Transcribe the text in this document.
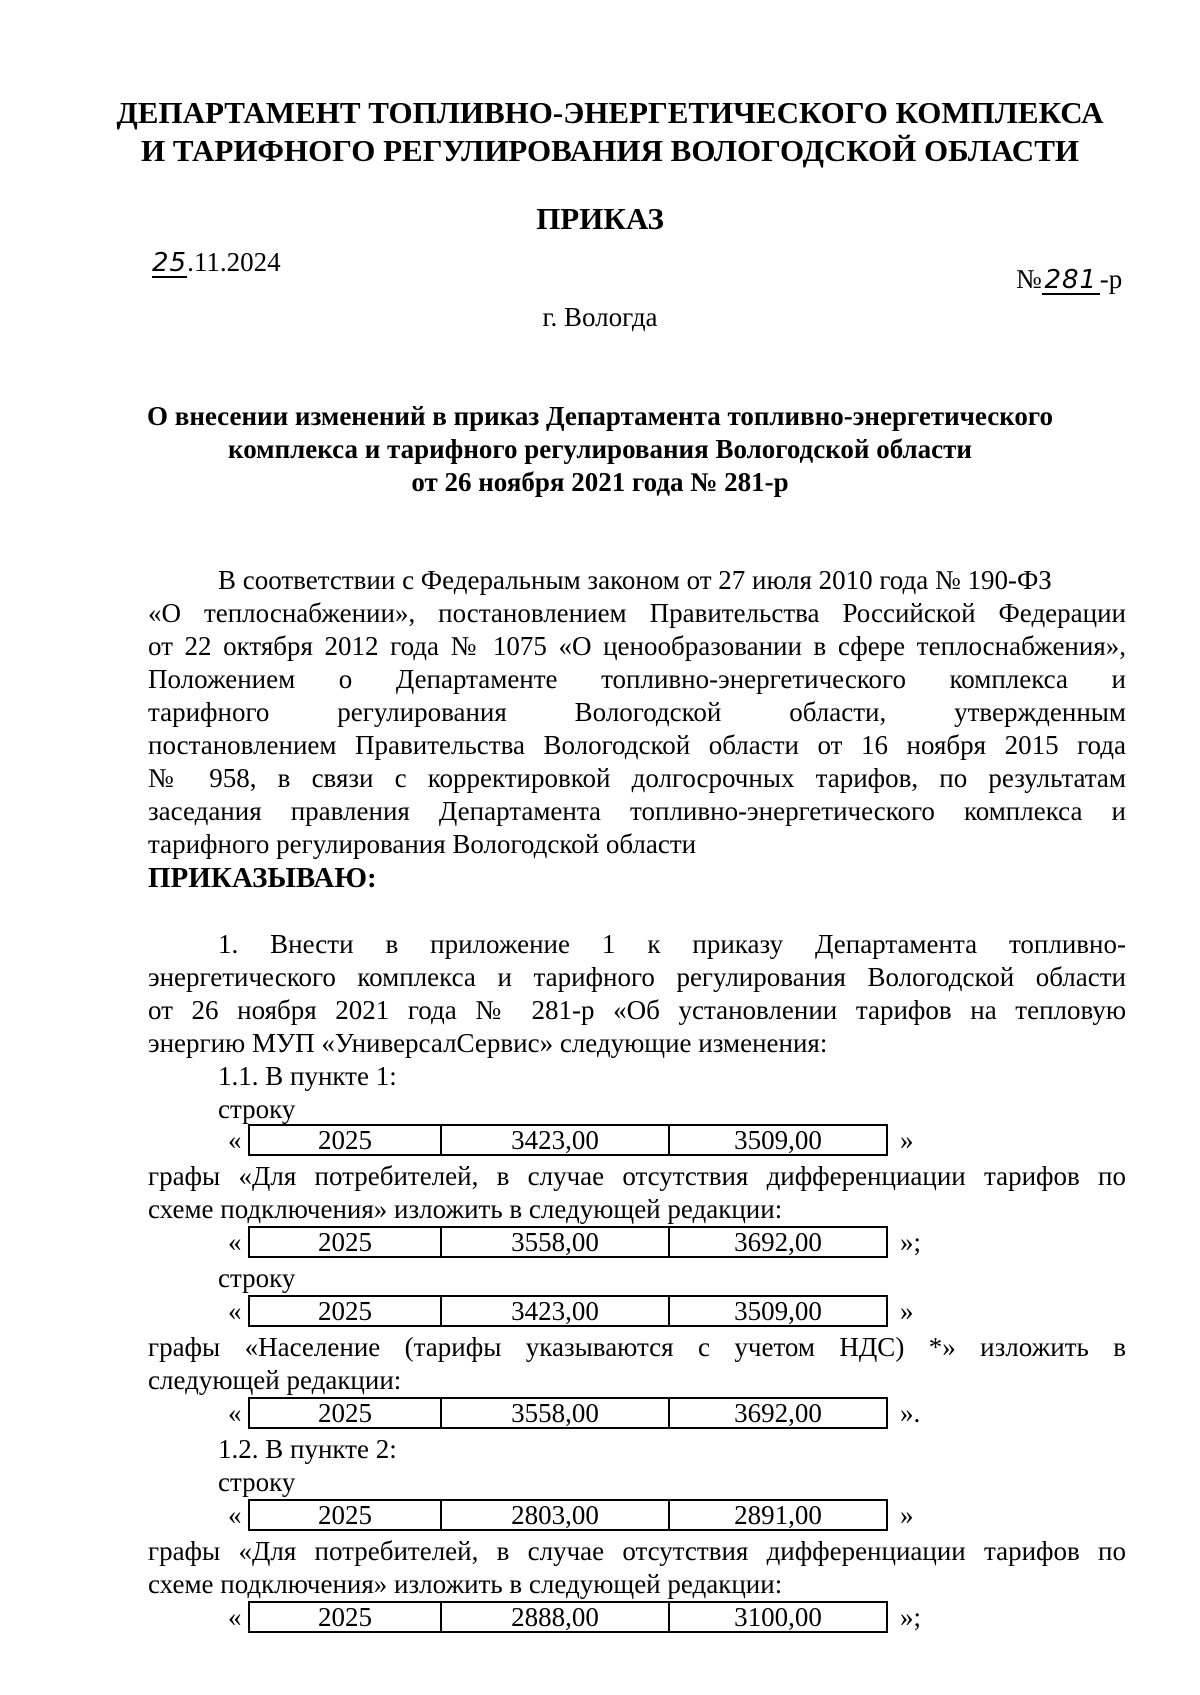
ДЕПАРТАМЕНТ ТОПЛИВНО-ЭНЕРГЕТИЧЕСКОГО КОМПЛЕКСА
И ТАРИФНОГО РЕГУЛИРОВАНИЯ ВОЛОГОДСКОЙ ОБЛАСТИ
ПРИКАЗ
25.11.2024
№ 281-р
г. Вологда
О внесении изменений в приказ Департамента топливно-энергетического
комплекса и тарифного регулирования Вологодской области
от 26 ноября 2021 года № 281-р
В соответствии с Федеральным законом от 27 июля 2010 года № 190-ФЗ
«О теплоснабжении», постановлением Правительства Российской Федерации
от 22 октября 2012 года № 1075 «О ценообразовании в сфере теплоснабжения»,
Положением о Департаменте топливно-энергетического комплекса и
тарифного регулирования Вологодской области, утвержденным
постановлением Правительства Вологодской области от 16 ноября 2015 года
№ 958, в связи с корректировкой долгосрочных тарифов, по результатам
заседания правления Департамента топливно-энергетического комплекса и
тарифного регулирования Вологодской области
ПРИКАЗЫВАЮ:
1. Внести в приложение 1 к приказу Департамента топливно-
энергетического комплекса и тарифного регулирования Вологодской области
от 26 ноября 2021 года № 281-р «Об установлении тарифов на тепловую
энергию МУП «УниверсалСервис» следующие изменения:
1.1. В пункте 1:
строку
«	2025	3423,00	3509,00	»
графы «Для потребителей, в случае отсутствия дифференциации тарифов по
схеме подключения» изложить в следующей редакции:
«	2025	3558,00	3692,00	»;
строку
«	2025	3423,00	3509,00	»
графы «Население (тарифы указываются с учетом НДС) *» изложить в
следующей редакции:
«	2025	3558,00	3692,00	».
1.2. В пункте 2:
строку
«	2025	2803,00	2891,00	»
графы «Для потребителей, в случае отсутствия дифференциации тарифов по
схеме подключения» изложить в следующей редакции:
«	2025	2888,00	3100,00	»;
